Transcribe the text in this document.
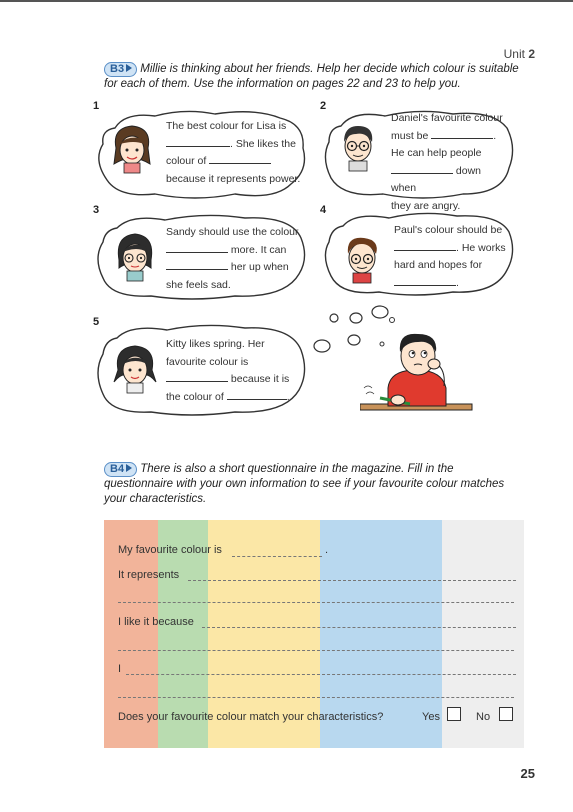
Unit 2
B3 Millie is thinking about her friends. Help her decide which colour is suitable
for each of them. Use the information on pages 22 and 23 to help you.
1
The best colour for Lisa is
. She likes the
colour of
because it represents power.
2
Daniel's favourite colour
must be	.
He can help people
down when
they are angry.
3
Sandy should use the colour
more. It can
her up when
she feels sad.
4
Paul's colour should be
. He works
hard and hopes for
.
5
Kitty likes spring. Her
favourite colour is
because it is
the colour of	.
B4 There is also a short questionnaire in the magazine. Fill in the
questionnaire with your own information to see if your favourite colour matches
your characteristics.
My favourite colour is	.
It represents
I like it because
I
Does your favourite colour match your characteristics?	Yes	No
25
